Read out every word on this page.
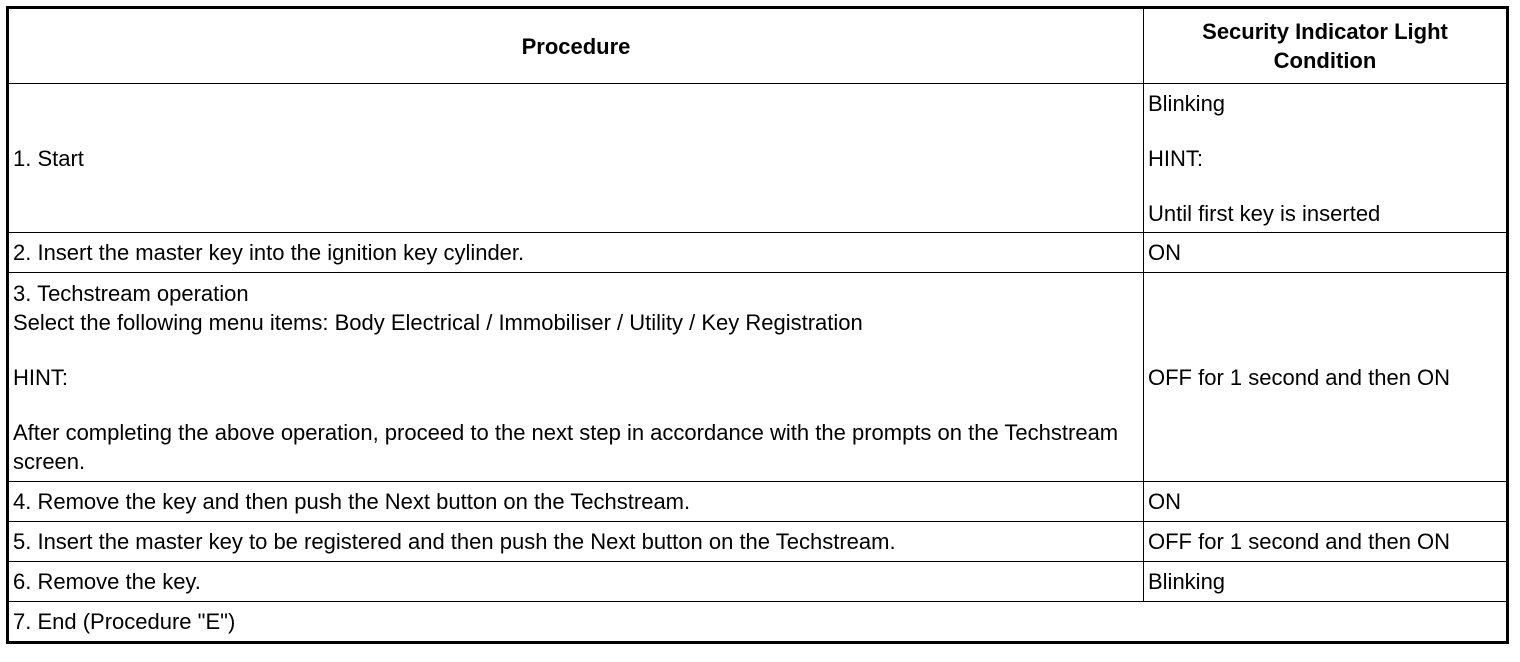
Procedure	Security Indicator Light Condition

1. Start	Blinking
HINT:
Until first key is inserted

2. Insert the master key into the ignition key cylinder.	ON

3. Techstream operation
Select the following menu items: Body Electrical / Immobiliser / Utility / Key Registration
HINT:
After completing the above operation, proceed to the next step in accordance with the prompts on the Techstream screen.	OFF for 1 second and then ON

4. Remove the key and then push the Next button on the Techstream.	ON

5. Insert the master key to be registered and then push the Next button on the Techstream.	OFF for 1 second and then ON

6. Remove the key.	Blinking

7. End (Procedure "E")	
